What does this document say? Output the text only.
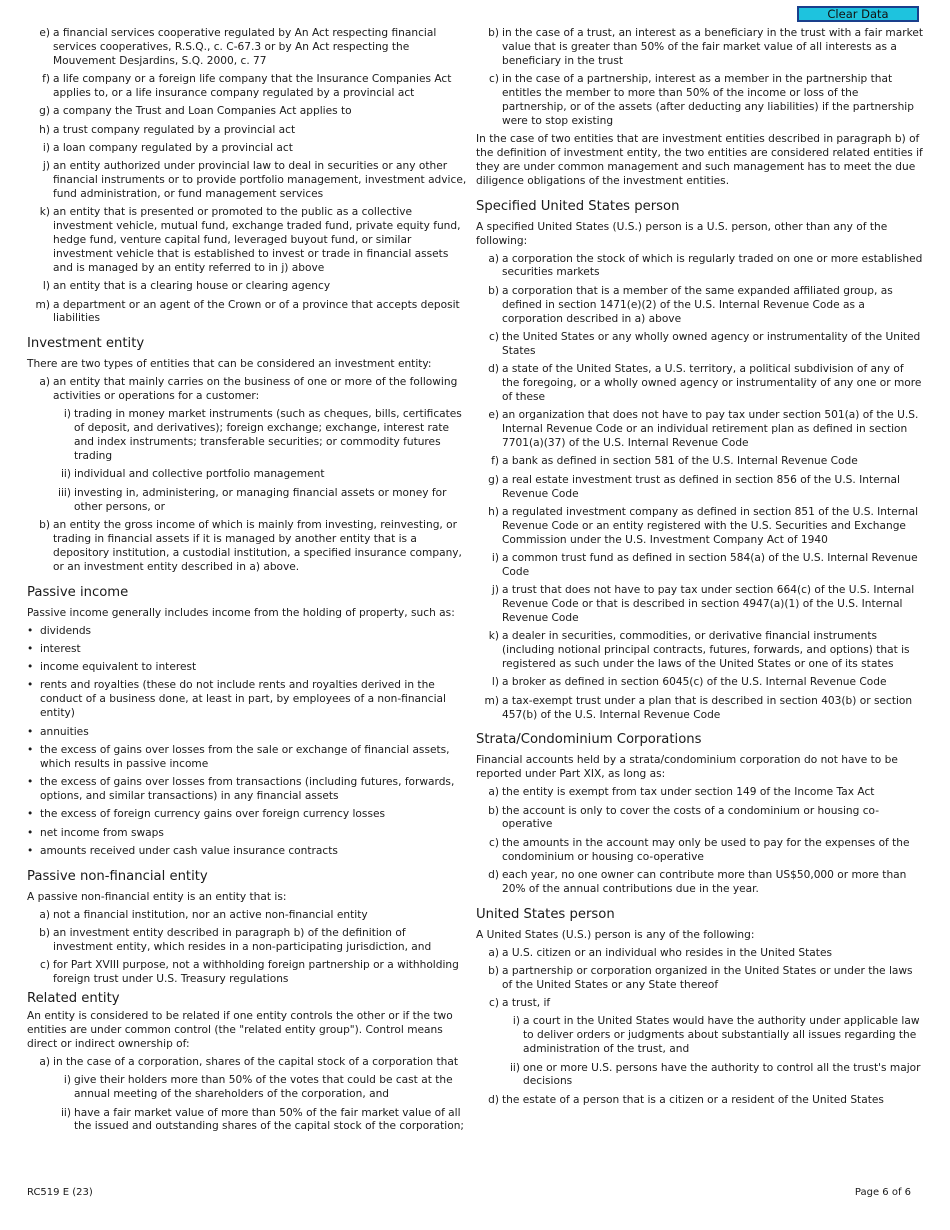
Clear Data
e) a financial services cooperative regulated by An Act respecting financial services cooperatives, R.S.Q., c. C-67.3 or by An Act respecting the Mouvement Desjardins, S.Q. 2000, c. 77
f) a life company or a foreign life company that the Insurance Companies Act applies to, or a life insurance company regulated by a provincial act
g) a company the Trust and Loan Companies Act applies to
h) a trust company regulated by a provincial act
i) a loan company regulated by a provincial act
j) an entity authorized under provincial law to deal in securities or any other financial instruments or to provide portfolio management, investment advice, fund administration, or fund management services
k) an entity that is presented or promoted to the public as a collective investment vehicle, mutual fund, exchange traded fund, private equity fund, hedge fund, venture capital fund, leveraged buyout fund, or similar investment vehicle that is established to invest or trade in financial assets and is managed by an entity referred to in j) above
l) an entity that is a clearing house or clearing agency
m) a department or an agent of the Crown or of a province that accepts deposit liabilities
Investment entity
There are two types of entities that can be considered an investment entity:
a) an entity that mainly carries on the business of one or more of the following activities or operations for a customer:
i) trading in money market instruments (such as cheques, bills, certificates of deposit, and derivatives); foreign exchange; exchange, interest rate and index instruments; transferable securities; or commodity futures trading
ii) individual and collective portfolio management
iii) investing in, administering, or managing financial assets or money for other persons, or
b) an entity the gross income of which is mainly from investing, reinvesting, or trading in financial assets if it is managed by another entity that is a depository institution, a custodial institution, a specified insurance company, or an investment entity described in a) above.
Passive income
Passive income generally includes income from the holding of property, such as:
• dividends
• interest
• income equivalent to interest
• rents and royalties (these do not include rents and royalties derived in the conduct of a business done, at least in part, by employees of a non-financial entity)
• annuities
• the excess of gains over losses from the sale or exchange of financial assets, which results in passive income
• the excess of gains over losses from transactions (including futures, forwards, options, and similar transactions) in any financial assets
• the excess of foreign currency gains over foreign currency losses
• net income from swaps
• amounts received under cash value insurance contracts
Passive non-financial entity
A passive non-financial entity is an entity that is:
a) not a financial institution, nor an active non-financial entity
b) an investment entity described in paragraph b) of the definition of investment entity, which resides in a non-participating jurisdiction, and
c) for Part XVIII purpose, not a withholding foreign partnership or a withholding foreign trust under U.S. Treasury regulations
Related entity
An entity is considered to be related if one entity controls the other or if the two entities are under common control (the "related entity group"). Control means direct or indirect ownership of:
a) in the case of a corporation, shares of the capital stock of a corporation that
i) give their holders more than 50% of the votes that could be cast at the annual meeting of the shareholders of the corporation, and
ii) have a fair market value of more than 50% of the fair market value of all the issued and outstanding shares of the capital stock of the corporation;
b) in the case of a trust, an interest as a beneficiary in the trust with a fair market value that is greater than 50% of the fair market value of all interests as a beneficiary in the trust
c) in the case of a partnership, interest as a member in the partnership that entitles the member to more than 50% of the income or loss of the partnership, or of the assets (after deducting any liabilities) if the partnership were to stop existing
In the case of two entities that are investment entities described in paragraph b) of the definition of investment entity, the two entities are considered related entities if they are under common management and such management has to meet the due diligence obligations of the investment entities.
Specified United States person
A specified United States (U.S.) person is a U.S. person, other than any of the following:
a) a corporation the stock of which is regularly traded on one or more established securities markets
b) a corporation that is a member of the same expanded affiliated group, as defined in section 1471(e)(2) of the U.S. Internal Revenue Code as a corporation described in a) above
c) the United States or any wholly owned agency or instrumentality of the United States
d) a state of the United States, a U.S. territory, a political subdivision of any of the foregoing, or a wholly owned agency or instrumentality of any one or more of these
e) an organization that does not have to pay tax under section 501(a) of the U.S. Internal Revenue Code or an individual retirement plan as defined in section 7701(a)(37) of the U.S. Internal Revenue Code
f) a bank as defined in section 581 of the U.S. Internal Revenue Code
g) a real estate investment trust as defined in section 856 of the U.S. Internal Revenue Code
h) a regulated investment company as defined in section 851 of the U.S. Internal Revenue Code or an entity registered with the U.S. Securities and Exchange Commission under the U.S. Investment Company Act of 1940
i) a common trust fund as defined in section 584(a) of the U.S. Internal Revenue Code
j) a trust that does not have to pay tax under section 664(c) of the U.S. Internal Revenue Code or that is described in section 4947(a)(1) of the U.S. Internal Revenue Code
k) a dealer in securities, commodities, or derivative financial instruments (including notional principal contracts, futures, forwards, and options) that is registered as such under the laws of the United States or one of its states
l) a broker as defined in section 6045(c) of the U.S. Internal Revenue Code
m) a tax-exempt trust under a plan that is described in section 403(b) or section 457(b) of the U.S. Internal Revenue Code
Strata/Condominium Corporations
Financial accounts held by a strata/condominium corporation do not have to be reported under Part XIX, as long as:
a) the entity is exempt from tax under section 149 of the Income Tax Act
b) the account is only to cover the costs of a condominium or housing co-operative
c) the amounts in the account may only be used to pay for the expenses of the condominium or housing co-operative
d) each year, no one owner can contribute more than US$50,000 or more than 20% of the annual contributions due in the year.
United States person
A United States (U.S.) person is any of the following:
a) a U.S. citizen or an individual who resides in the United States
b) a partnership or corporation organized in the United States or under the laws of the United States or any State thereof
c) a trust, if
i) a court in the United States would have the authority under applicable law to deliver orders or judgments about substantially all issues regarding the administration of the trust, and
ii) one or more U.S. persons have the authority to control all the trust's major decisions
d) the estate of a person that is a citizen or a resident of the United States
RC519 E (23)	Page 6 of 6
